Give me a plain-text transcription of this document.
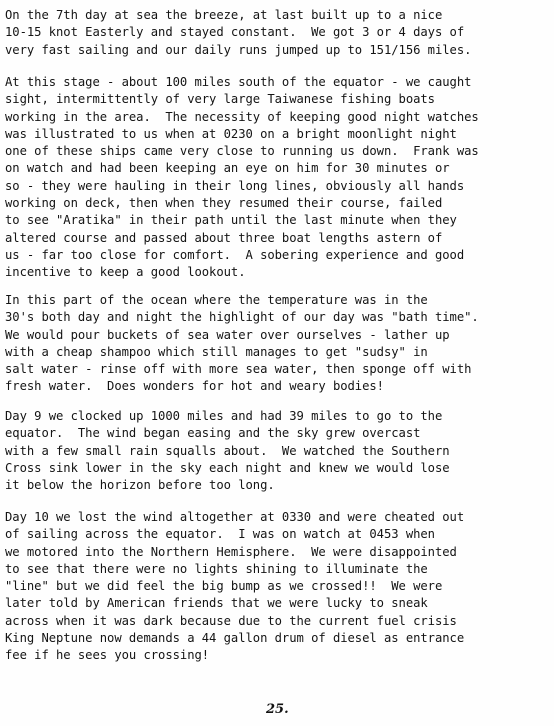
On the 7th day at sea the breeze, at last built up to a nice
10-15 knot Easterly and stayed constant.  We got 3 or 4 days of
very fast sailing and our daily runs jumped up to 151/156 miles.

At this stage - about 100 miles south of the equator - we caught
sight, intermittently of very large Taiwanese fishing boats
working in the area.  The necessity of keeping good night watches
was illustrated to us when at 0230 on a bright moonlight night
one of these ships came very close to running us down.  Frank was
on watch and had been keeping an eye on him for 30 minutes or
so - they were hauling in their long lines, obviously all hands
working on deck, then when they resumed their course, failed
to see "Aratika" in their path until the last minute when they
altered course and passed about three boat lengths astern of
us - far too close for comfort.  A sobering experience and good
incentive to keep a good lookout.

In this part of the ocean where the temperature was in the
30's both day and night the highlight of our day was "bath time".
We would pour buckets of sea water over ourselves - lather up
with a cheap shampoo which still manages to get "sudsy" in
salt water - rinse off with more sea water, then sponge off with
fresh water.  Does wonders for hot and weary bodies!

Day 9 we clocked up 1000 miles and had 39 miles to go to the
equator.  The wind began easing and the sky grew overcast
with a few small rain squalls about.  We watched the Southern
Cross sink lower in the sky each night and knew we would lose
it below the horizon before too long.

Day 10 we lost the wind altogether at 0330 and were cheated out
of sailing across the equator.  I was on watch at 0453 when
we motored into the Northern Hemisphere.  We were disappointed
to see that there were no lights shining to illuminate the
"line" but we did feel the big bump as we crossed!!  We were
later told by American friends that we were lucky to sneak
across when it was dark because due to the current fuel crisis
King Neptune now demands a 44 gallon drum of diesel as entrance
fee if he sees you crossing!

25.
